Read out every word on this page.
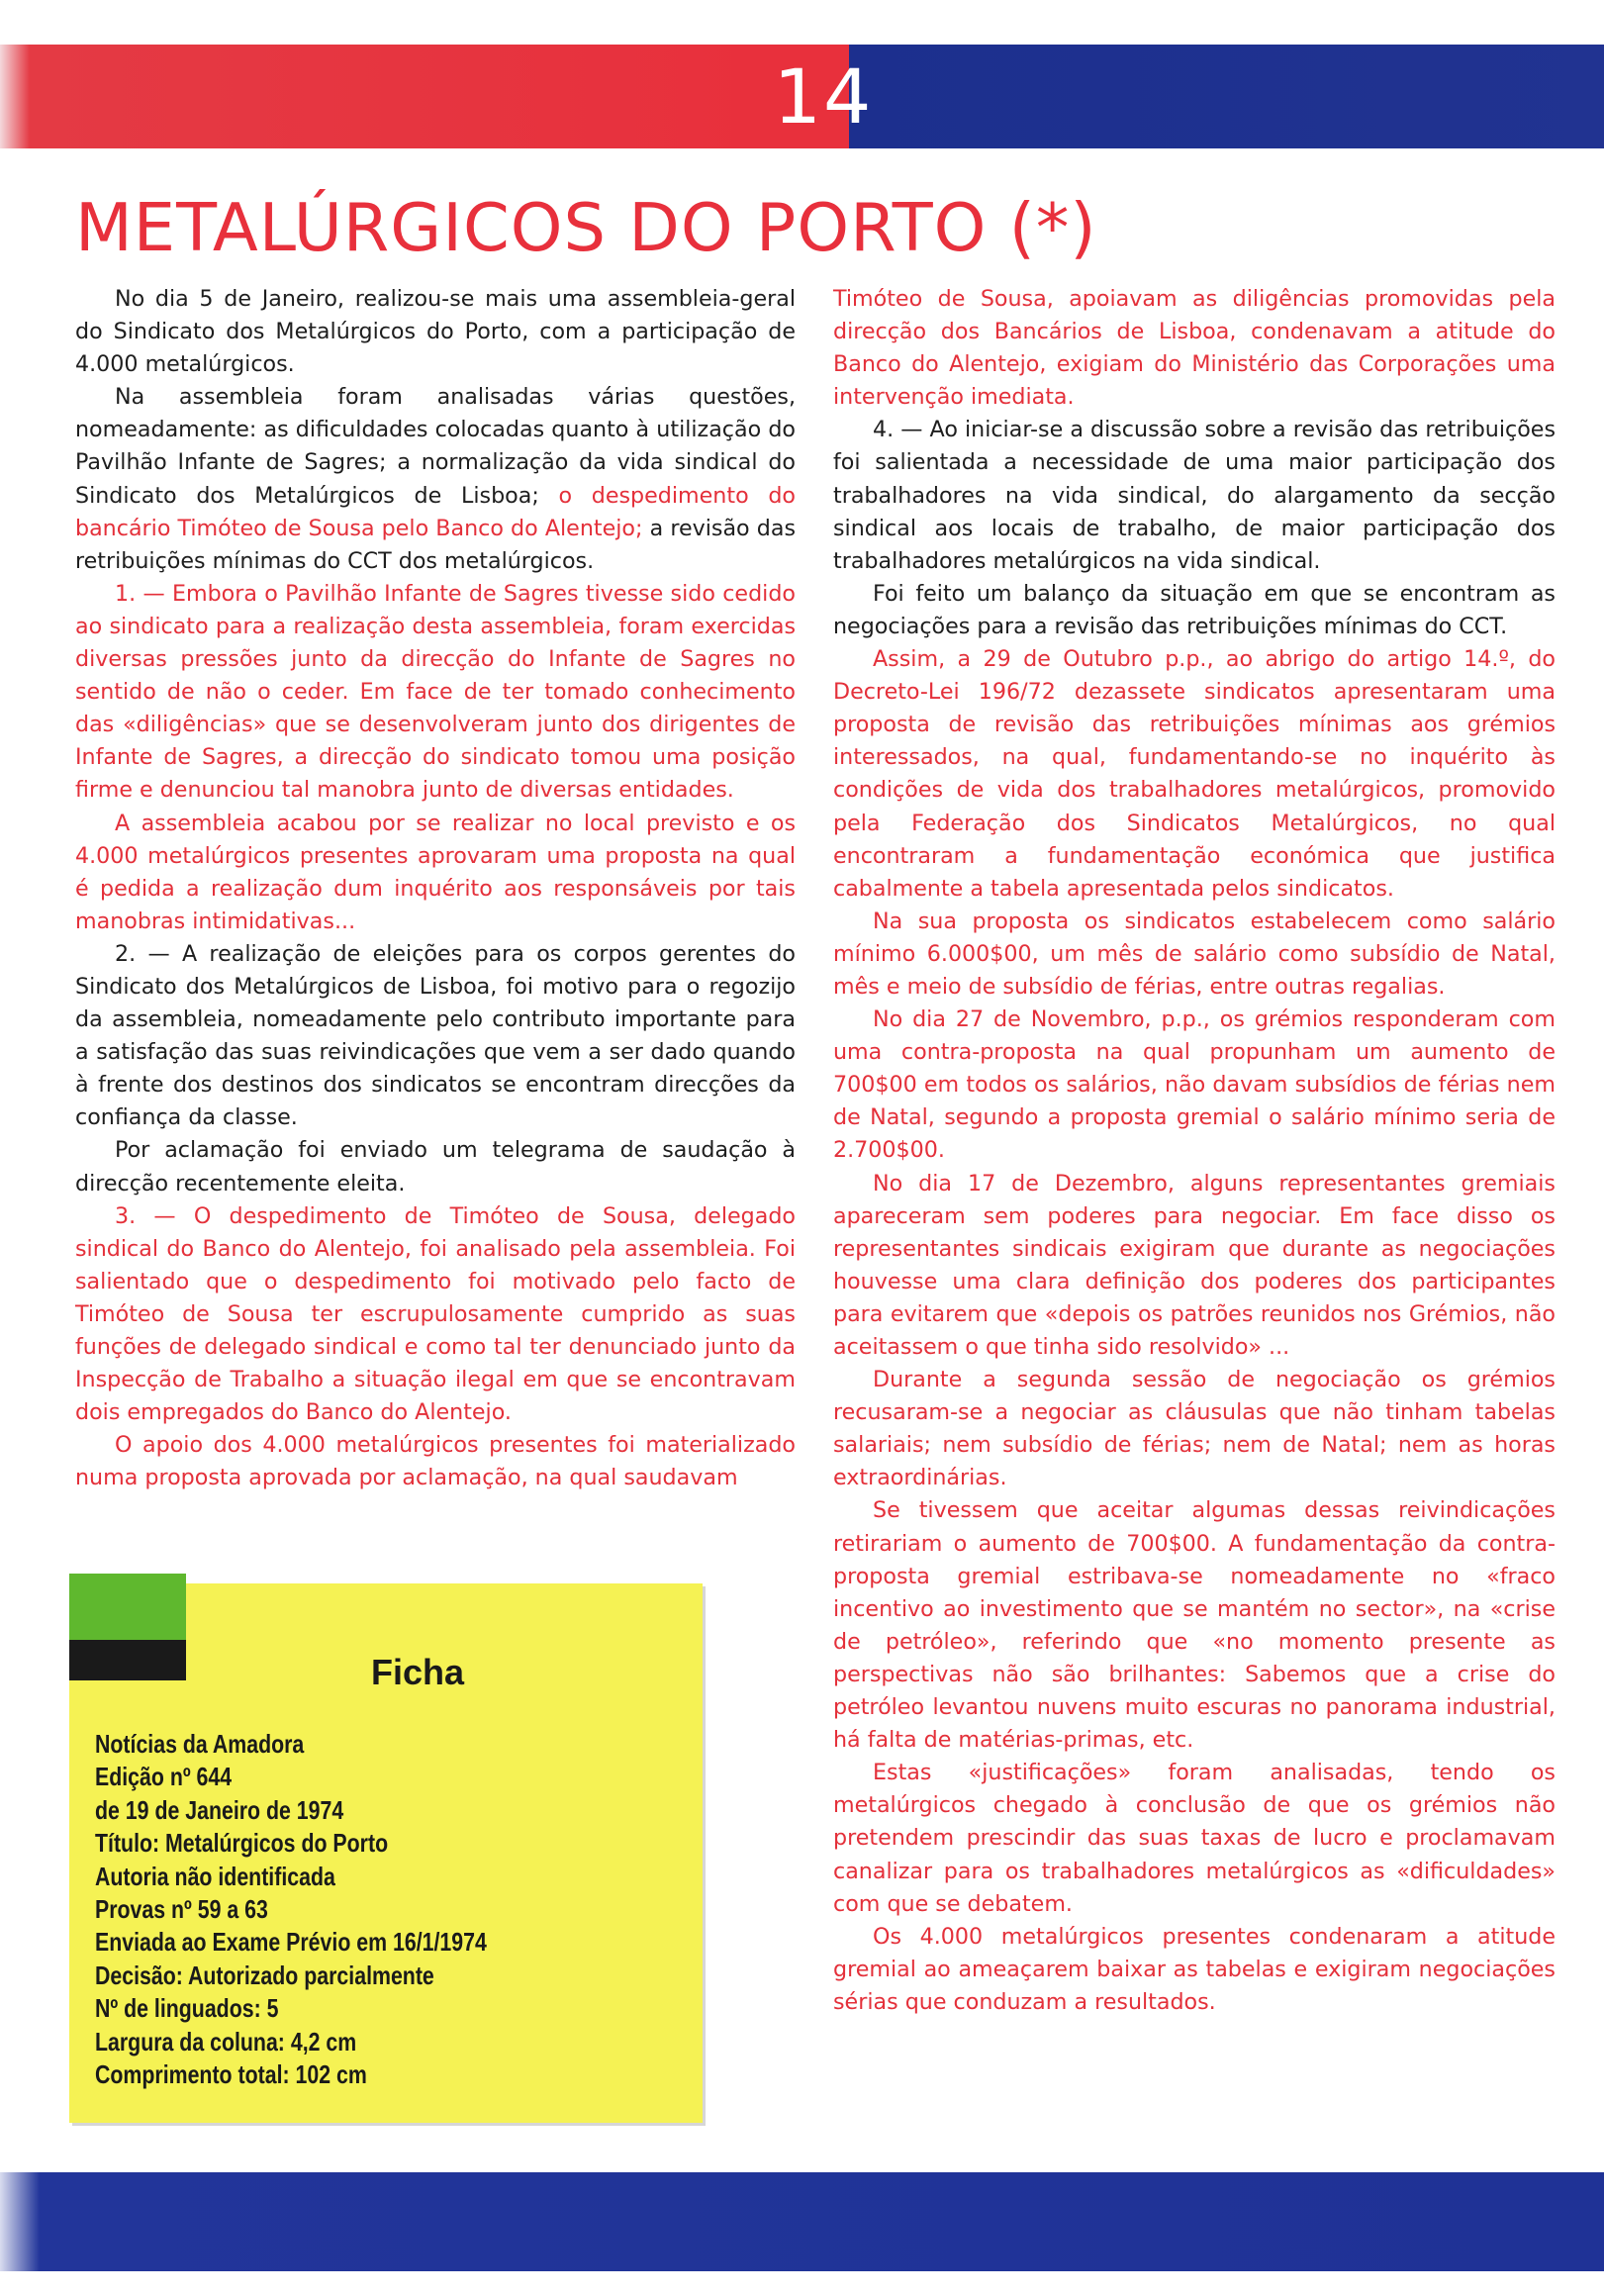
14
METALÚRGICOS DO PORTO (*)

No dia 5 de Janeiro, realizou-se mais uma assembleia-geral do Sindicato dos Metalúrgicos do Porto, com a participação de 4.000 metalúrgicos.

Na assembleia foram analisadas várias questões, nomeadamente: as dificuldades colocadas quanto à utilização do Pavilhão Infante de Sagres; a normalização da vida sindical do Sindicato dos Metalúrgicos de Lisboa; o despedimento do bancário Timóteo de Sousa pelo Banco do Alentejo; a revisão das retribuições mínimas do CCT dos metalúrgicos.

1. — Embora o Pavilhão Infante de Sagres tivesse sido cedido ao sindicato para a realização desta assembleia, foram exercidas diversas pressões junto da direcção do Infante de Sagres no sentido de não o ceder. Em face de ter tomado conhecimento das «diligências» que se desenvolveram junto dos dirigentes de Infante de Sagres, a direcção do sindicato tomou uma posição firme e denunciou tal manobra junto de diversas entidades.

A assembleia acabou por se realizar no local previsto e os 4.000 metalúrgicos presentes aprovaram uma proposta na qual é pedida a realização dum inquérito aos responsáveis por tais manobras intimidativas...

2. — A realização de eleições para os corpos gerentes do Sindicato dos Metalúrgicos de Lisboa, foi motivo para o regozijo da assembleia, nomeadamente pelo contributo importante para a satisfação das suas reivindicações que vem a ser dado quando à frente dos destinos dos sindicatos se encontram direcções da confiança da classe.

Por aclamação foi enviado um telegrama de saudação à direcção recentemente eleita.

3. — O despedimento de Timóteo de Sousa, delegado sindical do Banco do Alentejo, foi analisado pela assembleia. Foi salientado que o despedimento foi motivado pelo facto de Timóteo de Sousa ter escrupulosamente cumprido as suas funções de delegado sindical e como tal ter denunciado junto da Inspecção de Trabalho a situação ilegal em que se encontravam dois empregados do Banco do Alentejo.

O apoio dos 4.000 metalúrgicos presentes foi materializado numa proposta aprovada por aclamação, na qual saudavam

Timóteo de Sousa, apoiavam as diligências promovidas pela direcção dos Bancários de Lisboa, condenavam a atitude do Banco do Alentejo, exigiam do Ministério das Corporações uma intervenção imediata.

4. — Ao iniciar-se a discussão sobre a revisão das retribuições foi salientada a necessidade de uma maior participação dos trabalhadores na vida sindical, do alargamento da secção sindical aos locais de trabalho, de maior participação dos trabalhadores metalúrgicos na vida sindical.

Foi feito um balanço da situação em que se encontram as negociações para a revisão das retribuições mínimas do CCT.

Assim, a 29 de Outubro p.p., ao abrigo do artigo 14.º, do Decreto-Lei 196/72 dezassete sindicatos apresentaram uma proposta de revisão das retribuições mínimas aos grémios interessados, na qual, fundamentando-se no inquérito às condições de vida dos trabalhadores metalúrgicos, promovido pela Federação dos Sindicatos Metalúrgicos, no qual encontraram a fundamentação económica que justifica cabalmente a tabela apresentada pelos sindicatos.

Na sua proposta os sindicatos estabelecem como salário mínimo 6.000$00, um mês de salário como subsídio de Natal, mês e meio de subsídio de férias, entre outras regalias.

No dia 27 de Novembro, p.p., os grémios responderam com uma contra-proposta na qual propunham um aumento de 700$00 em todos os salários, não davam subsídios de férias nem de Natal, segundo a proposta gremial o salário mínimo seria de 2.700$00.

No dia 17 de Dezembro, alguns representantes gremiais apareceram sem poderes para negociar. Em face disso os representantes sindicais exigiram que durante as negociações houvesse uma clara definição dos poderes dos participantes para evitarem que «depois os patrões reunidos nos Grémios, não aceitassem o que tinha sido resolvido» ...

Durante a segunda sessão de negociação os grémios recusaram-se a negociar as cláusulas que não tinham tabelas salariais; nem subsídio de férias; nem de Natal; nem as horas extraordinárias.

Se tivessem que aceitar algumas dessas reivindicações retirariam o aumento de 700$00. A fundamentação da contra-proposta gremial estribava-se nomeadamente no «fraco incentivo ao investimento que se mantém no sector», na «crise de petróleo», referindo que «no momento presente as perspectivas não são brilhantes: Sabemos que a crise do petróleo levantou nuvens muito escuras no panorama industrial, há falta de matérias-primas, etc.

Estas «justificações» foram analisadas, tendo os metalúrgicos chegado à conclusão de que os grémios não pretendem prescindir das suas taxas de lucro e proclamavam canalizar para os trabalhadores metalúrgicos as «dificuldades» com que se debatem.

Os 4.000 metalúrgicos presentes condenaram a atitude gremial ao ameaçarem baixar as tabelas e exigiram negociações sérias que conduzam a resultados.

Ficha
Notícias da Amadora
Edição nº 644
de 19 de Janeiro de 1974
Título: Metalúrgicos do Porto
Autoria não identificada
Provas nº 59 a 63
Enviada ao Exame Prévio em 16/1/1974
Decisão: Autorizado parcialmente
Nº de linguados: 5
Largura da coluna: 4,2 cm
Comprimento total: 102 cm
